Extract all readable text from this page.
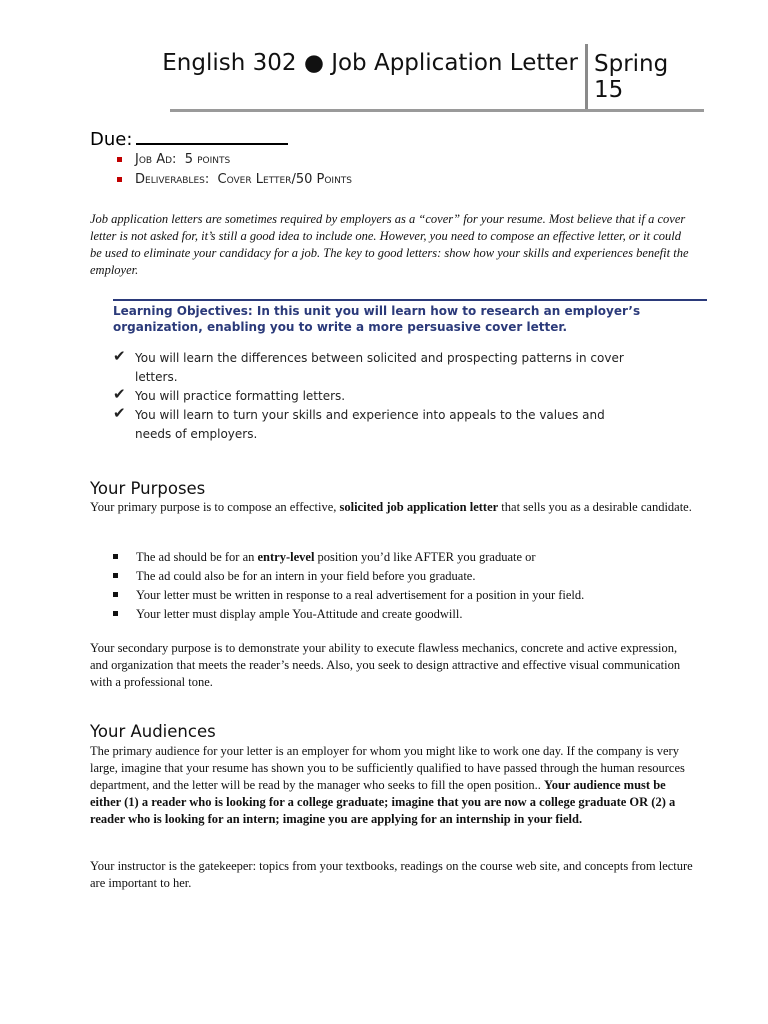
English 302 ● Job Application Letter Spring 15
Due:
Job Ad: 5 points
Deliverables: Cover Letter/50 Points
Job application letters are sometimes required by employers as a “cover” for your resume. Most believe that if a cover letter is not asked for, it’s still a good idea to include one. However, you need to compose an effective letter, or it could be used to eliminate your candidacy for a job. The key to good letters: show how your skills and experiences benefit the employer.
Learning Objectives: In this unit you will learn how to research an employer’s organization, enabling you to write a more persuasive cover letter.
✔ You will learn the differences between solicited and prospecting patterns in cover letters.
✔ You will practice formatting letters.
✔ You will learn to turn your skills and experience into appeals to the values and needs of employers.
Your Purposes
Your primary purpose is to compose an effective, solicited job application letter that sells you as a desirable candidate.
The ad should be for an entry-level position you’d like AFTER you graduate or
The ad could also be for an intern in your field before you graduate.
Your letter must be written in response to a real advertisement for a position in your field.
Your letter must display ample You-Attitude and create goodwill.
Your secondary purpose is to demonstrate your ability to execute flawless mechanics, concrete and active expression, and organization that meets the reader’s needs. Also, you seek to design attractive and effective visual communication with a professional tone.
Your Audiences
The primary audience for your letter is an employer for whom you might like to work one day. If the company is very large, imagine that your resume has shown you to be sufficiently qualified to have passed through the human resources department, and the letter will be read by the manager who seeks to fill the open position.. Your audience must be either (1) a reader who is looking for a college graduate; imagine that you are now a college graduate OR (2) a reader who is looking for an intern; imagine you are applying for an internship in your field.
Your instructor is the gatekeeper: topics from your textbooks, readings on the course web site, and concepts from lecture are important to her.
